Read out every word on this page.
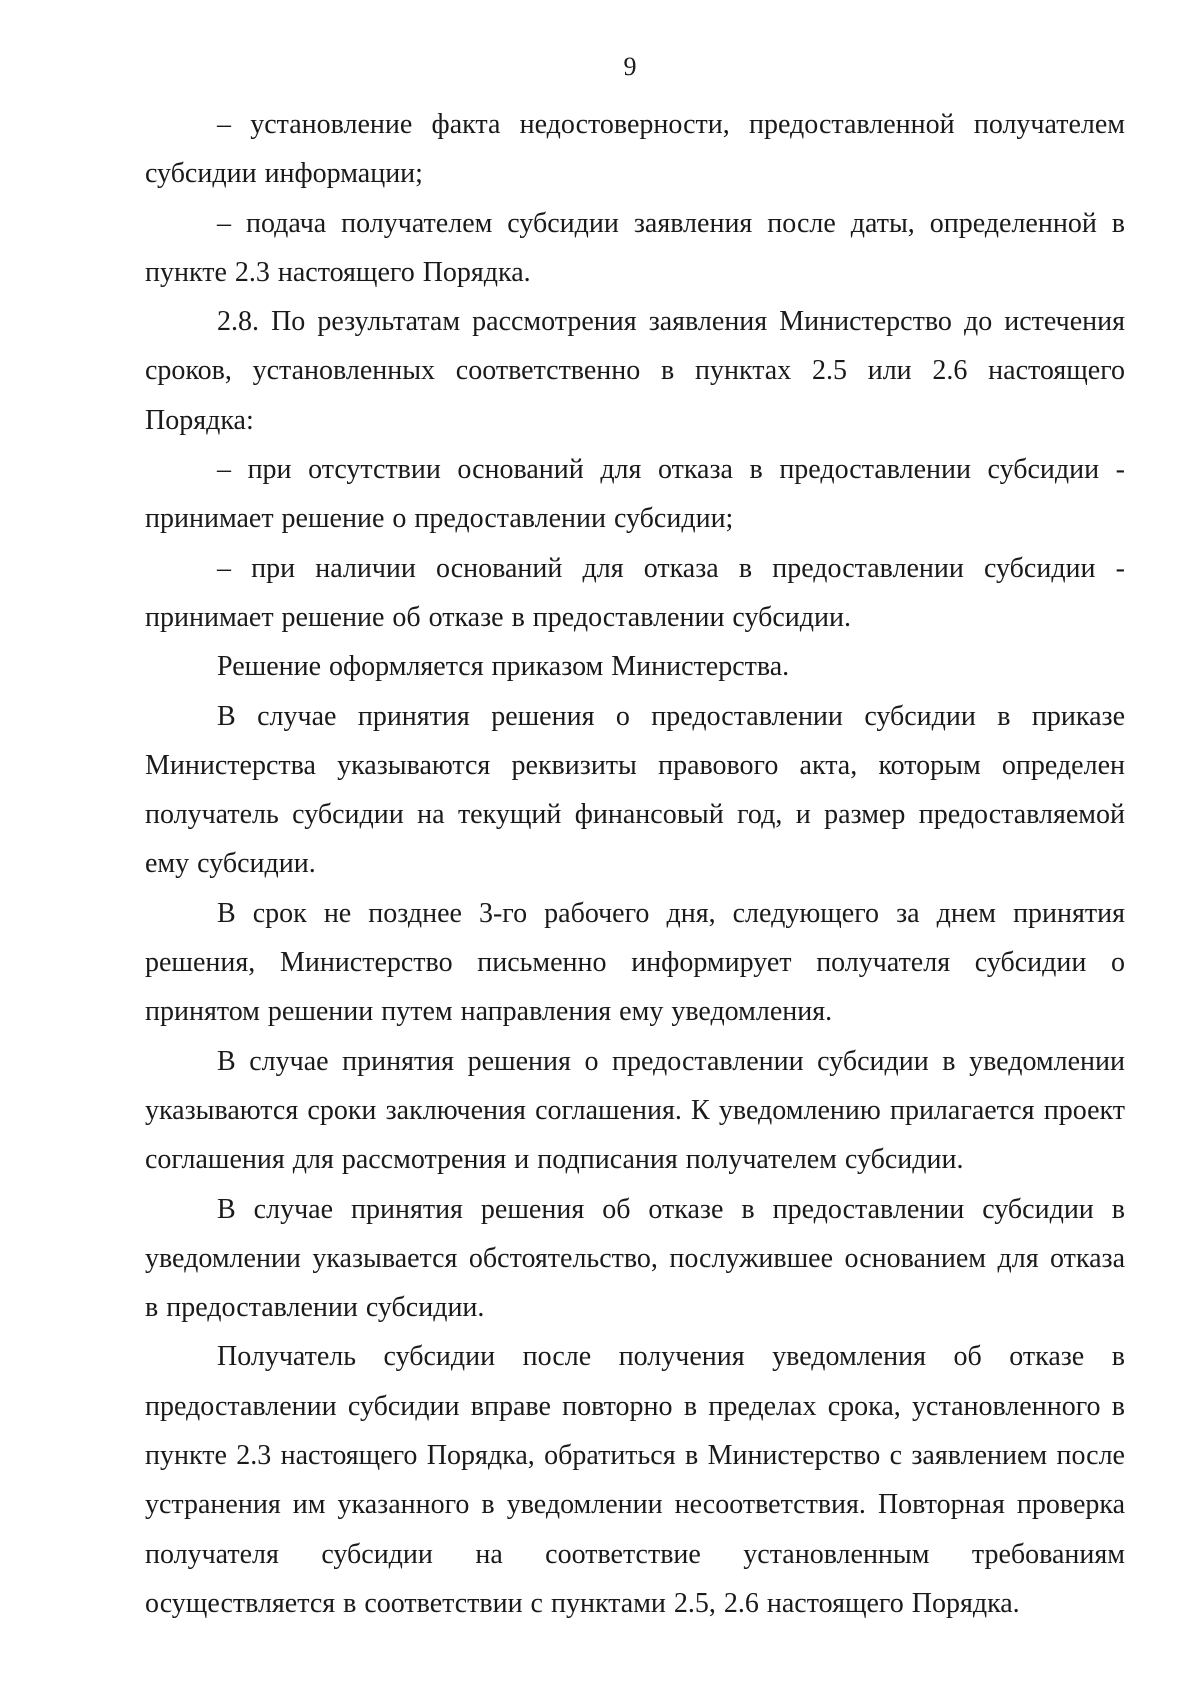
9

– установление факта недостоверности, предоставленной получателем субсидии информации;

– подача получателем субсидии заявления после даты, определенной в пункте 2.3 настоящего Порядка.

2.8. По результатам рассмотрения заявления Министерство до истечения сроков, установленных соответственно в пунктах 2.5 или 2.6 настоящего Порядка:

– при отсутствии оснований для отказа в предоставлении субсидии - принимает решение о предоставлении субсидии;

– при наличии оснований для отказа в предоставлении субсидии - принимает решение об отказе в предоставлении субсидии.

Решение оформляется приказом Министерства.

В случае принятия решения о предоставлении субсидии в приказе Министерства указываются реквизиты правового акта, которым определен получатель субсидии на текущий финансовый год, и размер предоставляемой ему субсидии.

В срок не позднее 3-го рабочего дня, следующего за днем принятия решения, Министерство письменно информирует получателя субсидии о принятом решении путем направления ему уведомления.

В случае принятия решения о предоставлении субсидии в уведомлении указываются сроки заключения соглашения. К уведомлению прилагается проект соглашения для рассмотрения и подписания получателем субсидии.

В случае принятия решения об отказе в предоставлении субсидии в уведомлении указывается обстоятельство, послужившее основанием для отказа в предоставлении субсидии.

Получатель субсидии после получения уведомления об отказе в предоставлении субсидии вправе повторно в пределах срока, установленного в пункте 2.3 настоящего Порядка, обратиться в Министерство с заявлением после устранения им указанного в уведомлении несоответствия. Повторная проверка получателя субсидии на соответствие установленным требованиям осуществляется в соответствии с пунктами 2.5, 2.6 настоящего Порядка.
